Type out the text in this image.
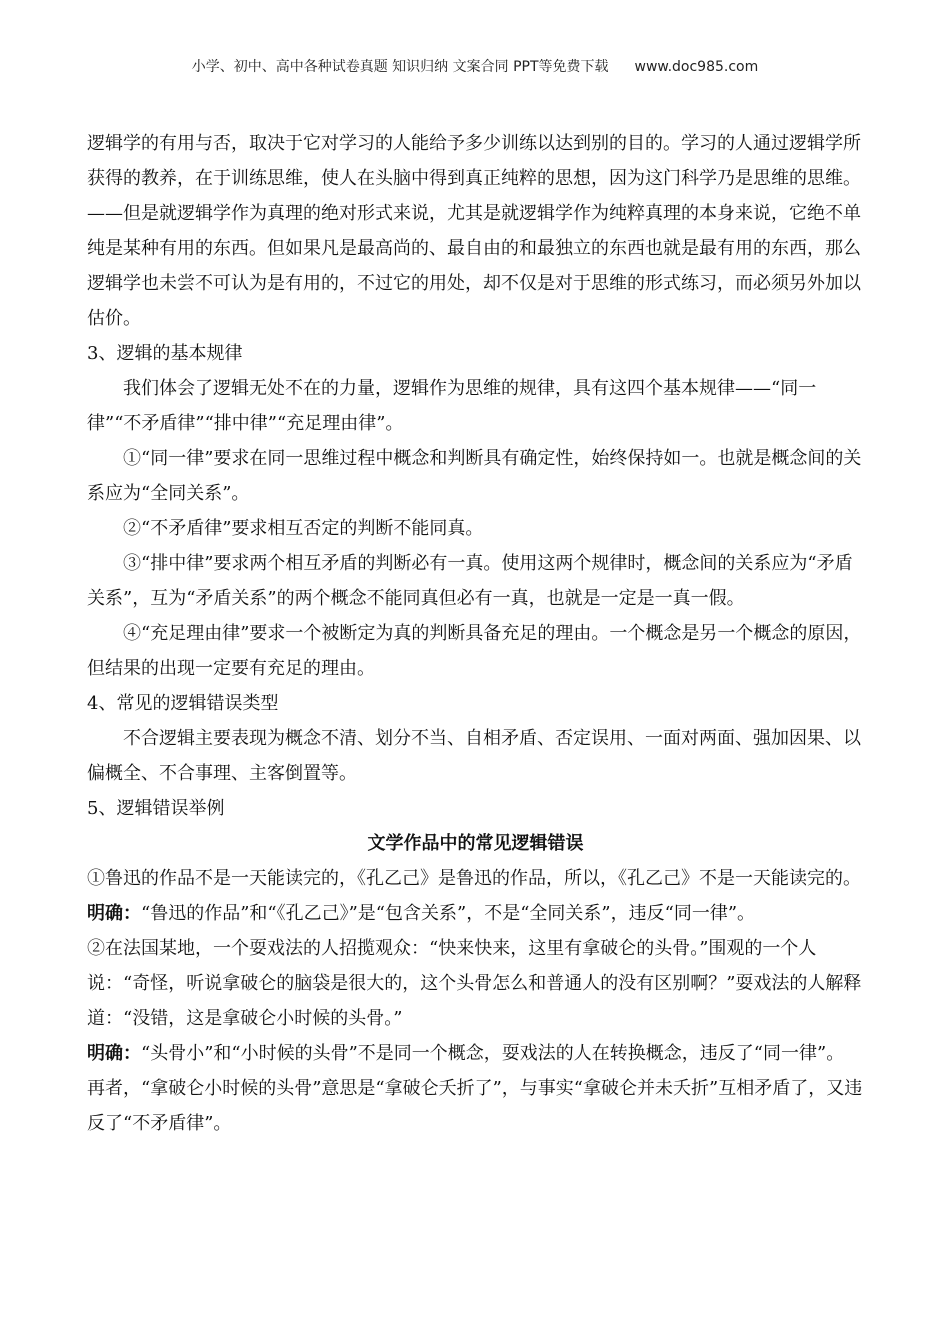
小学、初中、高中各种试卷真题 知识归纳 文案合同 PPT等免费下载 www.doc985.com

逻辑学的有用与否，取决于它对学习的人能给予多少训练以达到别的目的。学习的人通过逻辑学所获得的教养，在于训练思维，使人在头脑中得到真正纯粹的思想，因为这门科学乃是思维的思维。——但是就逻辑学作为真理的绝对形式来说，尤其是就逻辑学作为纯粹真理的本身来说，它绝不单纯是某种有用的东西。但如果凡是最高尚的、最自由的和最独立的东西也就是最有用的东西，那么逻辑学也未尝不可认为是有用的，不过它的用处，却不仅是对于思维的形式练习，而必须另外加以估价。

3、逻辑的基本规律

我们体会了逻辑无处不在的力量，逻辑作为思维的规律，具有这四个基本规律——“同一律”“不矛盾律”“排中律”“充足理由律”。

①“同一律”要求在同一思维过程中概念和判断具有确定性，始终保持如一。也就是概念间的关系应为“全同关系”。

②“不矛盾律”要求相互否定的判断不能同真。

③“排中律”要求两个相互矛盾的判断必有一真。使用这两个规律时，概念间的关系应为“矛盾关系”，互为“矛盾关系”的两个概念不能同真但必有一真，也就是一定是一真一假。

④“充足理由律”要求一个被断定为真的判断具备充足的理由。一个概念是另一个概念的原因，但结果的出现一定要有充足的理由。

4、常见的逻辑错误类型

不合逻辑主要表现为概念不清、划分不当、自相矛盾、否定误用、一面对两面、强加因果、以偏概全、不合事理、主客倒置等。

5、逻辑错误举例

文学作品中的常见逻辑错误

①鲁迅的作品不是一天能读完的，《孔乙己》是鲁迅的作品，所以，《孔乙己》不是一天能读完的。

明确：“鲁迅的作品”和“《孔乙己》”是“包含关系”，不是“全同关系”，违反“同一律”。

②在法国某地，一个耍戏法的人招揽观众：“快来快来，这里有拿破仑的头骨。”围观的一个人说：“奇怪，听说拿破仑的脑袋是很大的，这个头骨怎么和普通人的没有区别啊？”耍戏法的人解释道：“没错，这是拿破仑小时候的头骨。”

明确：“头骨小”和“小时候的头骨”不是同一个概念，耍戏法的人在转换概念，违反了“同一律”。

再者，“拿破仑小时候的头骨”意思是“拿破仑夭折了”，与事实“拿破仑并未夭折”互相矛盾了，又违反了“不矛盾律”。
